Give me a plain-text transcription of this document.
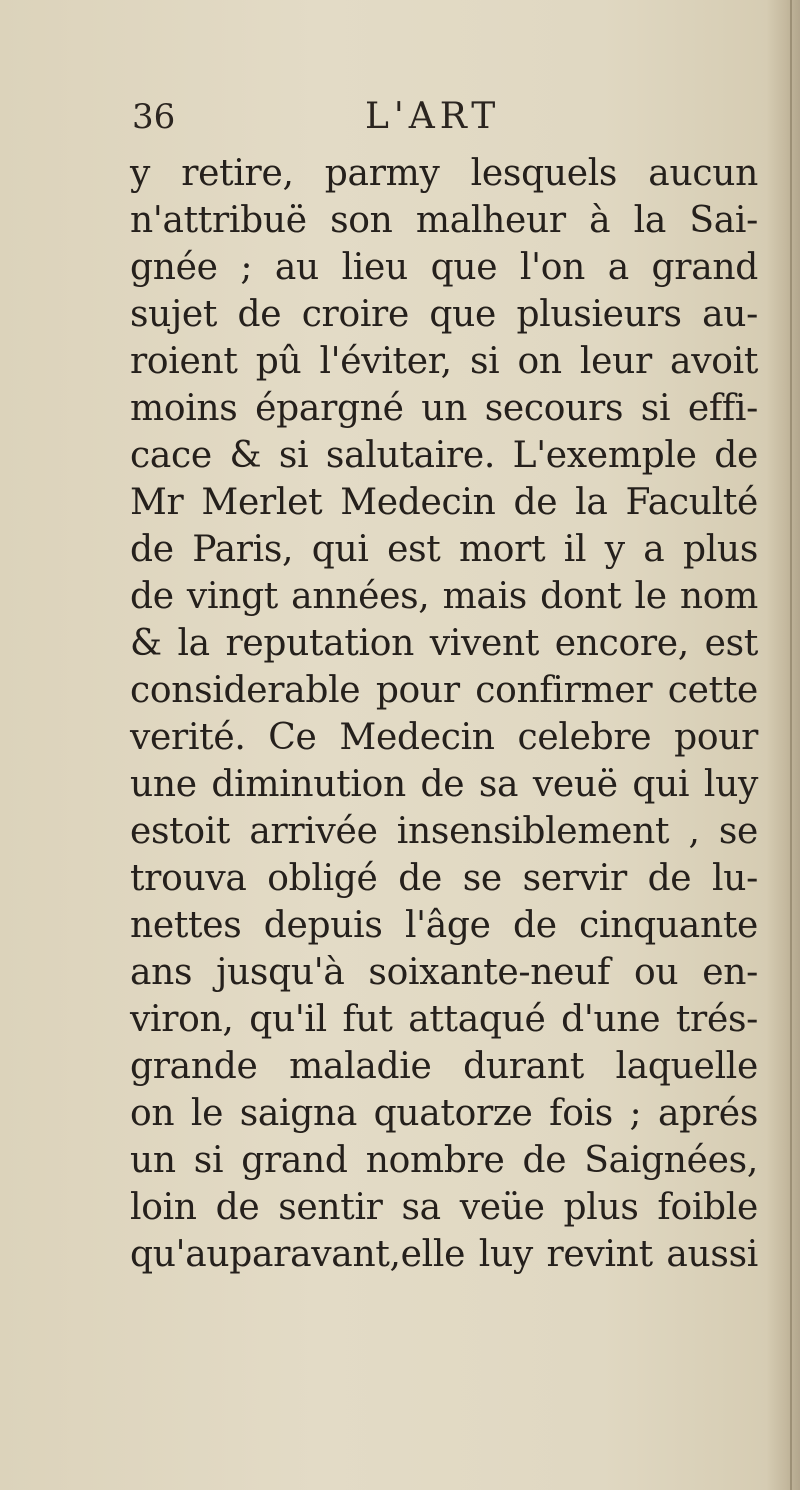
36	L'ART
y retire, parmy lesquels aucun
n'attribuë son malheur à la Sai-
gnée ; au lieu que l'on a grand
sujet de croire que plusieurs au-
roient pû l'éviter, si on leur avoit
moins épargné un secours si effi-
cace & si salutaire. L'exemple de
Mr Merlet Medecin de la Faculté
de Paris, qui est mort il y a plus
de vingt années, mais dont le nom
& la reputation vivent encore, est
considerable pour confirmer cette
verité. Ce Medecin celebre pour
une diminution de sa veuë qui luy
estoit arrivée insensiblement , se
trouva obligé de se servir de lu-
nettes depuis l'âge de cinquante
ans jusqu'à soixante-neuf ou en-
viron, qu'il fut attaqué d'une trés-
grande maladie durant laquelle
on le saigna quatorze fois ; aprés
un si grand nombre de Saignées,
loin de sentir sa veüe plus foible
qu'auparavant,elle luy revint aussi
